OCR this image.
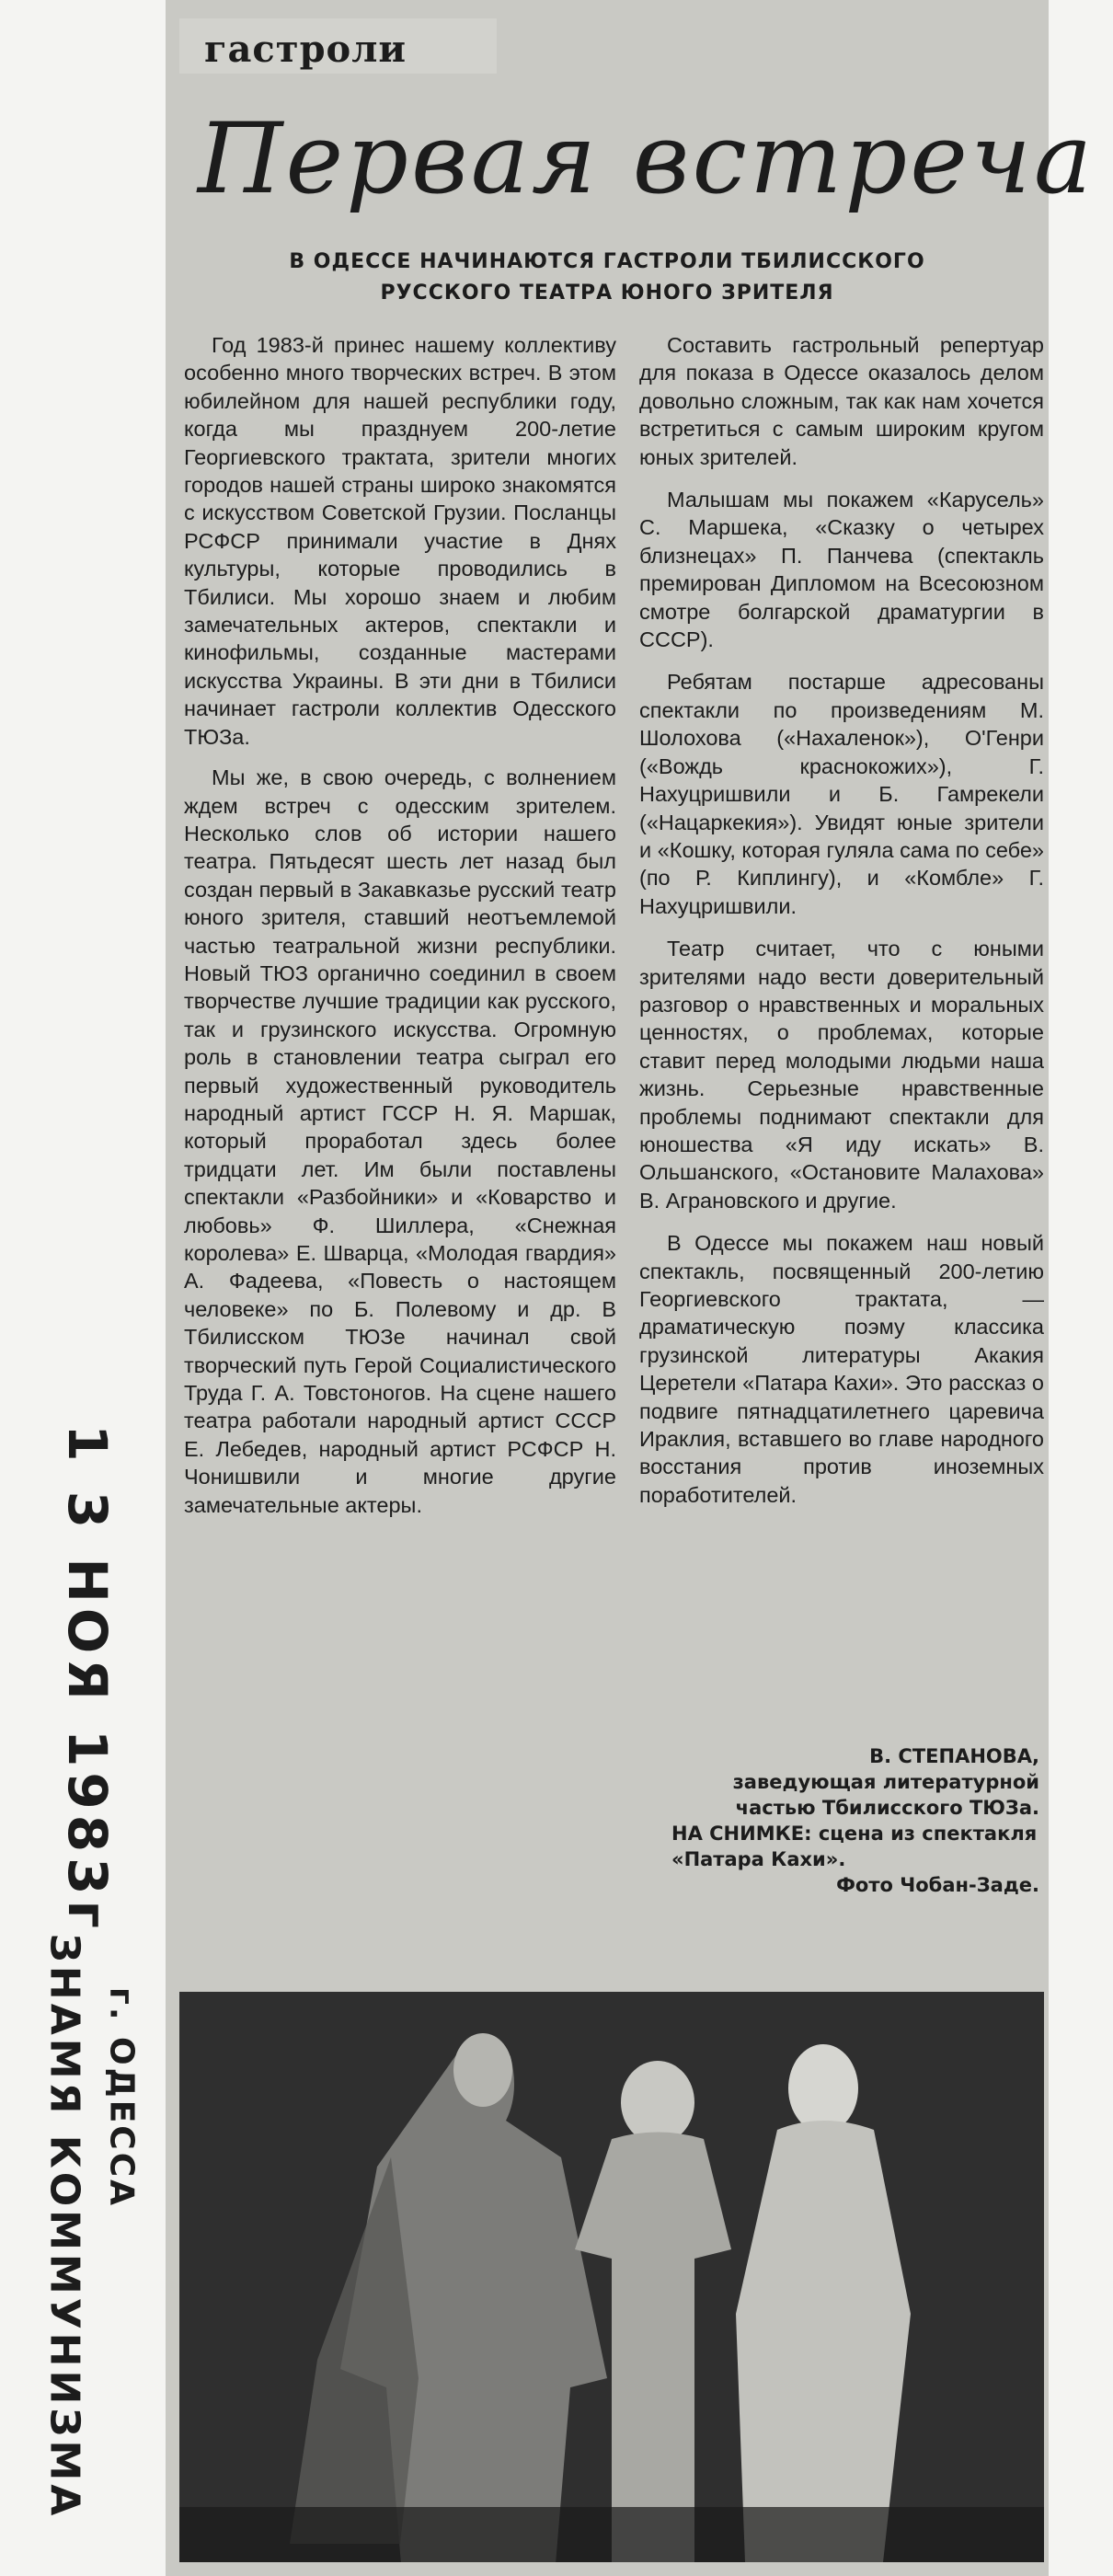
гастроли
Первая встреча
В ОДЕССЕ НАЧИНАЮТСЯ ГАСТРОЛИ ТБИЛИССКОГО РУССКОГО ТЕАТРА ЮНОГО ЗРИТЕЛЯ

Год 1983-й принес нашему коллективу особенно много творческих встреч. В этом юбилейном для нашей республики году, когда мы празднуем 200-летие Георгиевского трактата, зрители многих городов нашей страны широко знакомятся с искусством Советской Грузии. Посланцы РСФСР принимали участие в Днях культуры, которые проводились в Тбилиси. Мы хорошо знаем и любим замечательных актеров, спектакли и кинофильмы, созданные мастерами искусства Украины. В эти дни в Тбилиси начинает гастроли коллектив Одесского ТЮЗа.

Мы же, в свою очередь, с волнением ждем встреч с одесским зрителем. Несколько слов об истории нашего театра. Пятьдесят шесть лет назад был создан первый в Закавказье русский театр юного зрителя, ставший неотъемлемой частью театральной жизни республики. Новый ТЮЗ органично соединил в своем творчестве лучшие традиции как русского, так и грузинского искусства. Огромную роль в становлении театра сыграл его первый художественный руководитель народный артист ГССР Н. Я. Маршак, который проработал здесь более тридцати лет. Им были поставлены спектакли «Разбойники» и «Коварство и любовь» Ф. Шиллера, «Снежная королева» Е. Шварца, «Молодая гвардия» А. Фадеева, «Повесть о настоящем человеке» по Б. Полевому и др. В Тбилисском ТЮЗе начинал свой творческий путь Герой Социалистического Труда Г. А. Товстоногов. На сцене нашего театра работали народный артист СССР Е. Лебедев, народный артист РСФСР Н. Чонишвили и многие другие замечательные актеры.

Составить гастрольный репертуар для показа в Одессе оказалось делом довольно сложным, так как нам хочется встретиться с самым широким кругом юных зрителей.

Малышам мы покажем «Карусель» С. Маршека, «Сказку о четырех близнецах» П. Панчева (спектакль премирован Дипломом на Всесоюзном смотре болгарской драматургии в СССР).

Ребятам постарше адресованы спектакли по произведениям М. Шолохова («Нахаленок»), О'Генри («Вождь краснокожих»), Г. Нахуцришвили и Б. Гамрекели («Нацаркекия»). Увидят юные зрители и «Кошку, которая гуляла сама по себе» (по Р. Киплингу), и «Комбле» Г. Нахуцришвили.

Театр считает, что с юными зрителями надо вести доверительный разговор о нравственных и моральных ценностях, о проблемах, которые ставит перед молодыми людьми наша жизнь. Серьезные нравственные проблемы поднимают спектакли для юношества «Я иду искать» В. Ольшанского, «Остановите Малахова» В. Аграновского и другие.

В Одессе мы покажем наш новый спектакль, посвященный 200-летию Георгиевского трактата, — драматическую поэму классика грузинской литературы Акакия Церетели «Патара Кахи». Это рассказ о подвиге пятнадцатилетнего царевича Ираклия, вставшего во главе народного восстания против иноземных поработителей.

В. СТЕПАНОВА,
заведующая литературной частью Тбилисского ТЮЗа.
НА СНИМКЕ: сцена из спектакля «Патара Кахи».
Фото Чобан-Заде.
1 3 НОЯ 1983г
ЗНАМЯ КОММУНИЗМА г. ОДЕССА
